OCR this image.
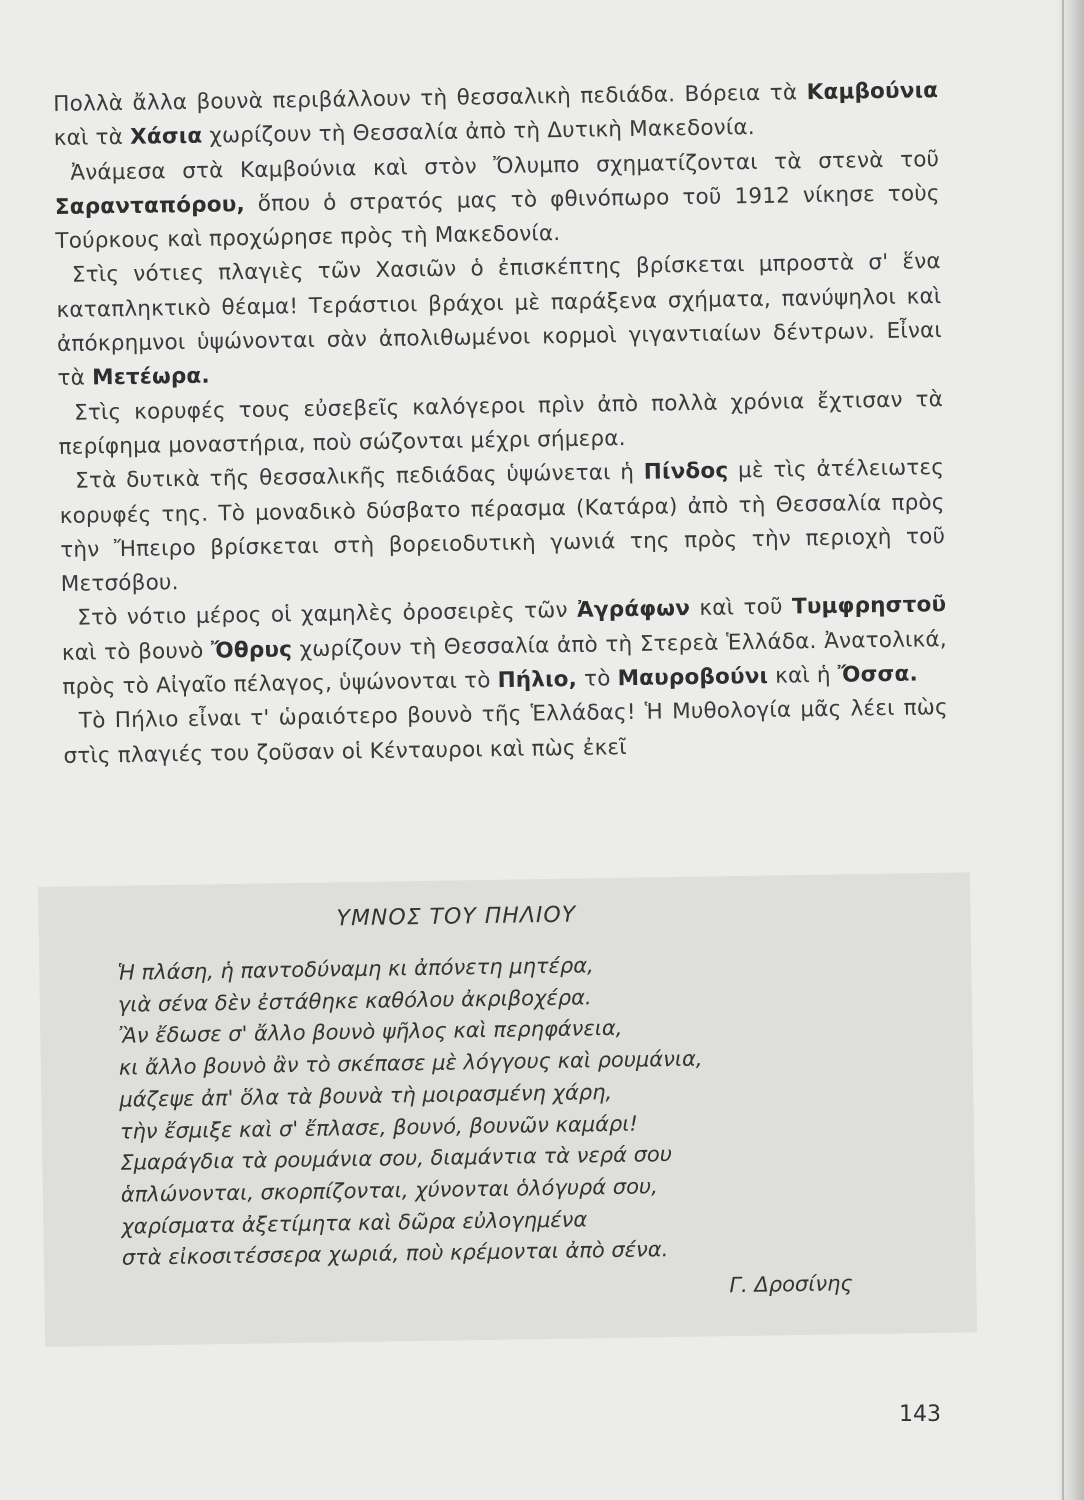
Πολλὰ ἄλλα βουνὰ περιβάλλουν τὴ θεσσαλικὴ πεδιάδα. Βόρεια τὰ Καμβούνια καὶ τὰ Χάσια χωρίζουν τὴ Θεσσαλία ἀπὸ τὴ Δυτικὴ Μακεδονία.

Ἀνάμεσα στὰ Καμβούνια καὶ στὸν Ὄλυμπο σχηματίζονται τὰ στενὰ τοῦ Σαρανταπόρου, ὅπου ὁ στρατός μας τὸ φθινόπωρο τοῦ 1912 νίκησε τοὺς Τούρκους καὶ προχώρησε πρὸς τὴ Μακεδονία.

Στὶς νότιες πλαγιὲς τῶν Χασιῶν ὁ ἐπισκέπτης βρίσκεται μπροστὰ σ' ἕνα καταπληκτικὸ θέαμα! Τεράστιοι βράχοι μὲ παράξενα σχήματα, πανύψηλοι καὶ ἀπόκρημνοι ὑψώνονται σὰν ἀπολιθωμένοι κορμοὶ γιγαντιαίων δέντρων. Εἶναι τὰ Μετέωρα.

Στὶς κορυφές τους εὐσεβεῖς καλόγεροι πρὶν ἀπὸ πολλὰ χρόνια ἔχτισαν τὰ περίφημα μοναστήρια, ποὺ σώζονται μέχρι σήμερα.

Στὰ δυτικὰ τῆς θεσσαλικῆς πεδιάδας ὑψώνεται ἡ Πίνδος μὲ τὶς ἀτέλειωτες κορυφές της. Τὸ μοναδικὸ δύσβατο πέρασμα (Κατάρα) ἀπὸ τὴ Θεσσαλία πρὸς τὴν Ἤπειρο βρίσκεται στὴ βορειοδυτικὴ γωνιά της πρὸς τὴν περιοχὴ τοῦ Μετσόβου.

Στὸ νότιο μέρος οἱ χαμηλὲς ὀροσειρὲς τῶν Ἀγράφων καὶ τοῦ Τυμφρηστοῦ καὶ τὸ βουνὸ Ὄθρυς χωρίζουν τὴ Θεσσαλία ἀπὸ τὴ Στερεὰ Ἑλλάδα. Ἀνατολικά, πρὸς τὸ Αἰγαῖο πέλαγος, ὑψώνονται τὸ Πήλιο, τὸ Μαυροβούνι καὶ ἡ Ὄσσα.

Τὸ Πήλιο εἶναι τ' ὡραιότερο βουνὸ τῆς Ἑλλάδας! Ἡ Μυθολογία μᾶς λέει πὼς στὶς πλαγιές του ζοῦσαν οἱ Κένταυροι καὶ πὼς ἐκεῖ

ΥΜΝΟΣ ΤΟΥ ΠΗΛΙΟΥ
Ἡ πλάση, ἡ παντοδύναμη κι ἀπόνετη μητέρα,
γιὰ σένα δὲν ἐστάθηκε καθόλου ἀκριβοχέρα.
Ἂν ἔδωσε σ' ἄλλο βουνὸ ψῆλος καὶ περηφάνεια,
κι ἄλλο βουνὸ ἂν τὸ σκέπασε μὲ λόγγους καὶ ρουμάνια,
μάζεψε ἀπ' ὅλα τὰ βουνὰ τὴ μοιρασμένη χάρη,
τὴν ἔσμιξε καὶ σ' ἔπλασε, βουνό, βουνῶν καμάρι!
Σμαράγδια τὰ ρουμάνια σου, διαμάντια τὰ νερά σου
ἁπλώνονται, σκορπίζονται, χύνονται ὁλόγυρά σου,
χαρίσματα ἀξετίμητα καὶ δῶρα εὐλογημένα
στὰ εἰκοσιτέσσερα χωριά, ποὺ κρέμονται ἀπὸ σένα.
Γ. Δροσίνης
143
